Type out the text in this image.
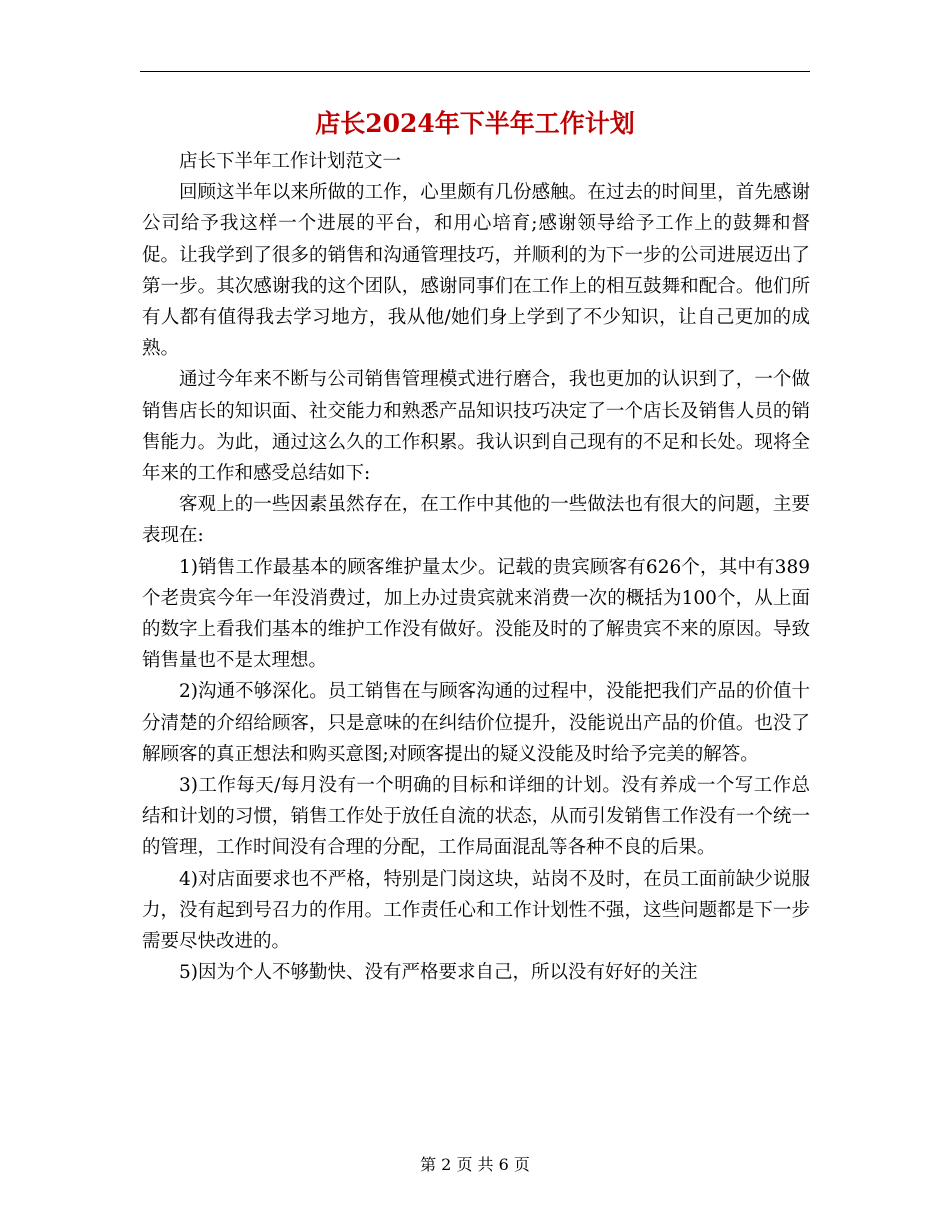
店长2024年下半年工作计划

店长下半年工作计划范文一

回顾这半年以来所做的工作，心里颇有几份感触。在过去的时间里，首先感谢公司给予我这样一个进展的平台，和用心培育;感谢领导给予工作上的鼓舞和督促。让我学到了很多的销售和沟通管理技巧，并顺利的为下一步的公司进展迈出了第一步。其次感谢我的这个团队，感谢同事们在工作上的相互鼓舞和配合。他们所有人都有值得我去学习地方，我从他/她们身上学到了不少知识，让自己更加的成熟。

通过今年来不断与公司销售管理模式进行磨合，我也更加的认识到了，一个做销售店长的知识面、社交能力和熟悉产品知识技巧决定了一个店长及销售人员的销售能力。为此，通过这么久的工作积累。我认识到自己现有的不足和长处。现将全年来的工作和感受总结如下:

客观上的一些因素虽然存在，在工作中其他的一些做法也有很大的问题，主要表现在:

1)销售工作最基本的顾客维护量太少。记载的贵宾顾客有626个，其中有389个老贵宾今年一年没消费过，加上办过贵宾就来消费一次的概括为100个，从上面的数字上看我们基本的维护工作没有做好。没能及时的了解贵宾不来的原因。导致销售量也不是太理想。

2)沟通不够深化。员工销售在与顾客沟通的过程中，没能把我们产品的价值十分清楚的介绍给顾客，只是意味的在纠结价位提升，没能说出产品的价值。也没了解顾客的真正想法和购买意图;对顾客提出的疑义没能及时给予完美的解答。

3)工作每天/每月没有一个明确的目标和详细的计划。没有养成一个写工作总结和计划的习惯，销售工作处于放任自流的状态，从而引发销售工作没有一个统一的管理，工作时间没有合理的分配，工作局面混乱等各种不良的后果。

4)对店面要求也不严格，特别是门岗这块，站岗不及时，在员工面前缺少说服力，没有起到号召力的作用。工作责任心和工作计划性不强，这些问题都是下一步需要尽快改进的。

5)因为个人不够勤快、没有严格要求自己，所以没有好好的关注

第 2 页 共 6 页
